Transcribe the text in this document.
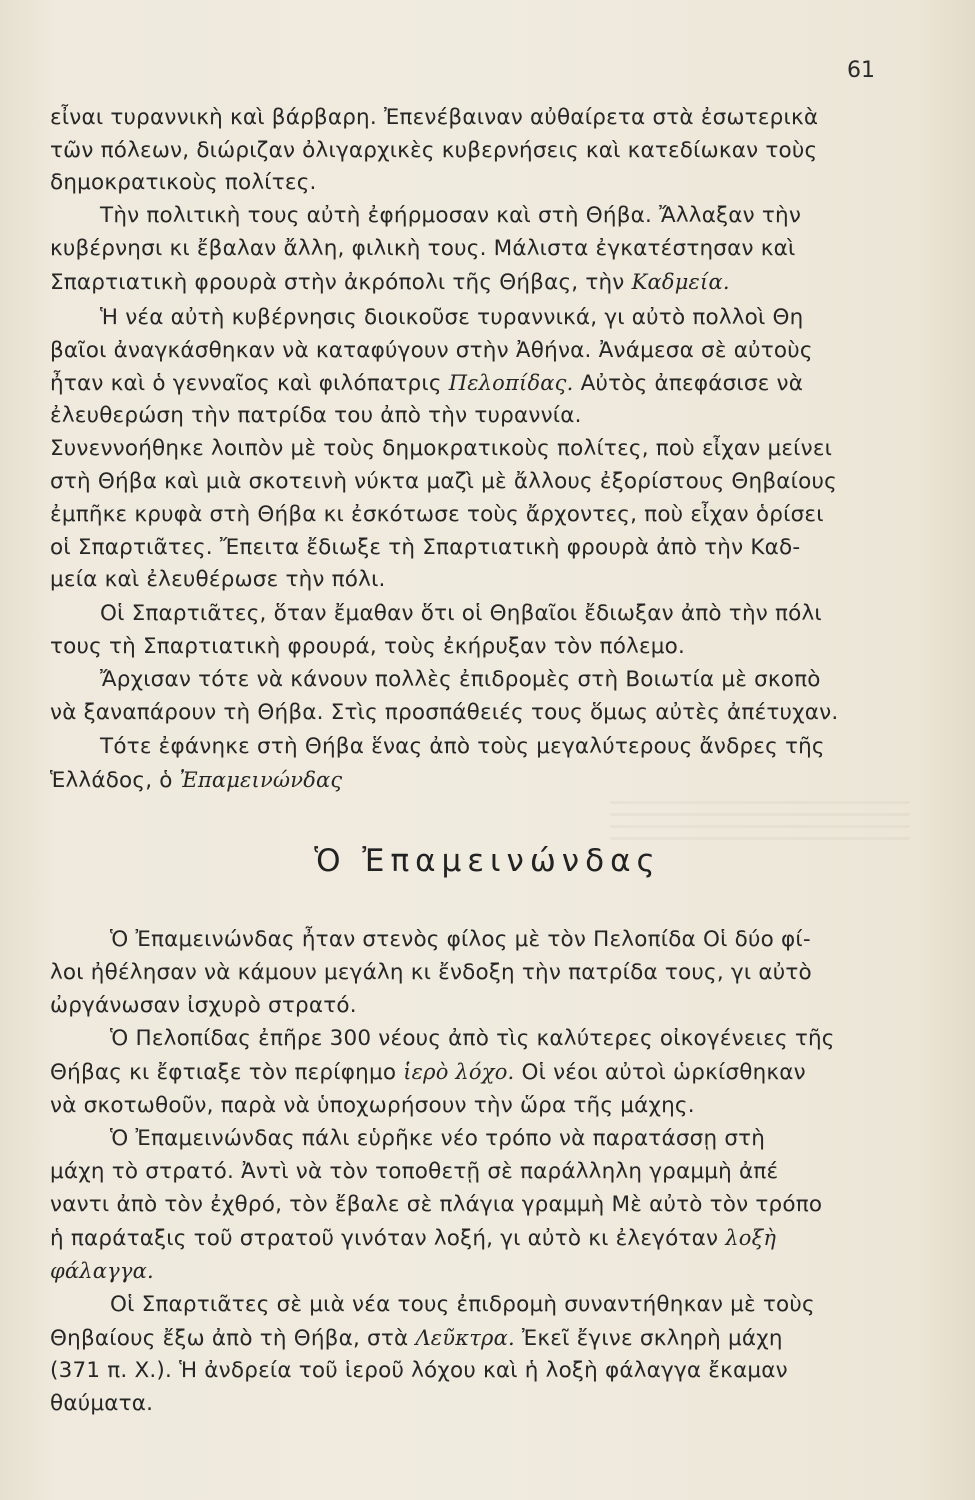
61
εἶναι τυραννικὴ καὶ βάρβαρη. Ἐπενέβαιναν αὐθαίρετα στὰ ἐσωτερικὰ
τῶν πόλεων, διώριζαν ὀλιγαρχικὲς κυβερνήσεις καὶ κατεδίωκαν τοὺς
δημοκρατικοὺς πολίτες.
Τὴν πολιτικὴ τους αὐτὴ ἐφήρμοσαν καὶ στὴ Θήβα. Ἄλλαξαν τὴν
κυβέρνησι κι ἔβαλαν ἄλλη, φιλικὴ τους. Μάλιστα ἐγκατέστησαν καὶ
Σπαρτιατικὴ φρουρὰ στὴν ἀκρόπολι τῆς Θήβας, τὴν Καδμεία.
Ἡ νέα αὐτὴ κυβέρνησις διοικοῦσε τυραννικά, γι αὐτὸ πολλοὶ Θη
βαῖοι ἀναγκάσθηκαν νὰ καταφύγουν στὴν Ἀθήνα. Ἀνάμεσα σὲ αὐτοὺς
ἦταν καὶ ὁ γενναῖος καὶ φιλόπατρις Πελοπίδας. Αὐτὸς ἀπεφάσισε νὰ
ἐλευθερώση τὴν πατρίδα του ἀπὸ τὴν τυραννία.
Συνεννοήθηκε λοιπὸν μὲ τοὺς δημοκρατικοὺς πολίτες, ποὺ εἶχαν μείνει
στὴ Θήβα καὶ μιὰ σκοτεινὴ νύκτα μαζὶ μὲ ἄλλους ἐξορίστους Θηβαίους
ἐμπῆκε κρυφὰ στὴ Θήβα κι ἐσκότωσε τοὺς ἄρχοντες, ποὺ εἶχαν ὁρίσει
οἱ Σπαρτιᾶτες. Ἔπειτα ἔδιωξε τὴ Σπαρτιατικὴ φρουρὰ ἀπὸ τὴν Καδ-
μεία καὶ ἐλευθέρωσε τὴν πόλι.
Οἱ Σπαρτιᾶτες, ὅταν ἔμαθαν ὅτι οἱ Θηβαῖοι ἔδιωξαν ἀπὸ τὴν πόλι
τους τὴ Σπαρτιατικὴ φρουρά, τοὺς ἐκήρυξαν τὸν πόλεμο.
Ἄρχισαν τότε νὰ κάνουν πολλὲς ἐπιδρομὲς στὴ Βοιωτία μὲ σκοπὸ
νὰ ξαναπάρουν τὴ Θήβα. Στὶς προσπάθειές τους ὅμως αὐτὲς ἀπέτυχαν.
Τότε ἐφάνηκε στὴ Θήβα ἕνας ἀπὸ τοὺς μεγαλύτερους ἄνδρες τῆς
Ἑλλάδος, ὁ Ἐπαμεινώνδας
Ὁ Ἐπαμεινώνδας
Ὁ Ἐπαμεινώνδας ἦταν στενὸς φίλος μὲ τὸν Πελοπίδα Οἱ δύο φί-
λοι ἠθέλησαν νὰ κάμουν μεγάλη κι ἔνδοξη τὴν πατρίδα τους, γι αὐτὸ
ὠργάνωσαν ἰσχυρὸ στρατό.
Ὁ Πελοπίδας ἐπῆρε 300 νέους ἀπὸ τὶς καλύτερες οἰκογένειες τῆς
Θήβας κι ἔφτιαξε τὸν περίφημο ἱερὸ λόχο. Οἱ νέοι αὐτοὶ ὡρκίσθηκαν
νὰ σκοτωθοῦν, παρὰ νὰ ὑποχωρήσουν τὴν ὥρα τῆς μάχης.
Ὁ Ἐπαμεινώνδας πάλι εὑρῆκε νέο τρόπο νὰ παρατάσσῃ στὴ
μάχη τὸ στρατό. Ἀντὶ νὰ τὸν τοποθετῇ σὲ παράλληλη γραμμὴ ἀπέ
ναντι ἀπὸ τὸν ἐχθρό, τὸν ἔβαλε σὲ πλάγια γραμμὴ Μὲ αὐτὸ τὸν τρόπο
ἡ παράταξις τοῦ στρατοῦ γινόταν λοξή, γι αὐτὸ κι ἐλεγόταν λοξὴ
φάλαγγα.
Οἱ Σπαρτιᾶτες σὲ μιὰ νέα τους ἐπιδρομὴ συναντήθηκαν μὲ τοὺς
Θηβαίους ἔξω ἀπὸ τὴ Θήβα, στὰ Λεῦκτρα. Ἐκεῖ ἔγινε σκληρὴ μάχη
(371 π. Χ.). Ἡ ἀνδρεία τοῦ ἱεροῦ λόχου καὶ ἡ λοξὴ φάλαγγα ἔκαμαν
θαύματα.
